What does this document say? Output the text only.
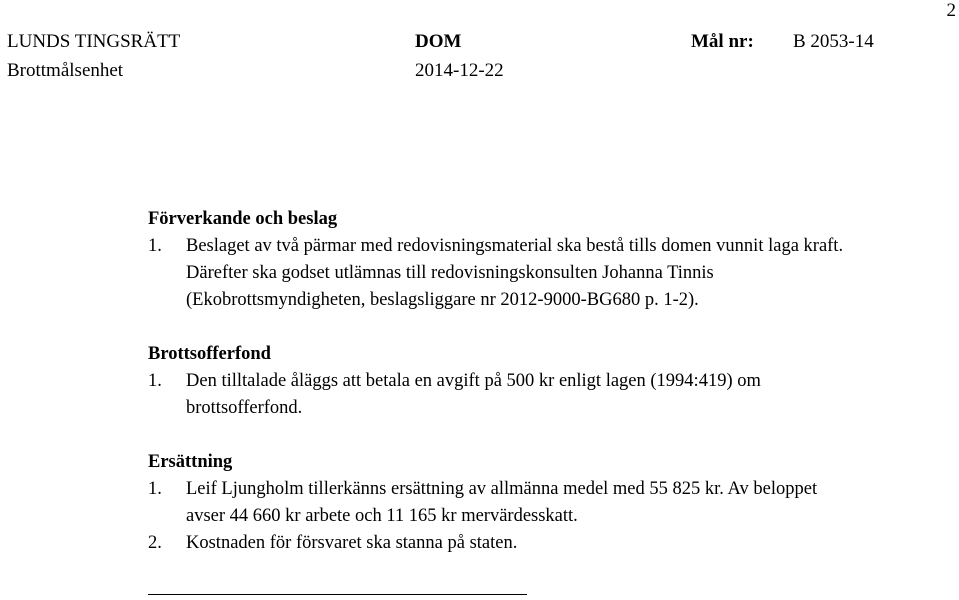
2
LUNDS TINGSRÄTT	DOM	Mål nr: B 2053-14
Brottmålsenhet	2014-12-22
Förverkande och beslag
1. Beslaget av två pärmar med redovisningsmaterial ska bestå tills domen vunnit laga kraft.
Därefter ska godset utlämnas till redovisningskonsulten Johanna Tinnis
(Ekobrottsmyndigheten, beslagsliggare nr 2012-9000-BG680 p. 1-2).
Brottsofferfond
1. Den tilltalade åläggs att betala en avgift på 500 kr enligt lagen (1994:419) om
brottsofferfond.
Ersättning
1. Leif Ljungholm tillerkänns ersättning av allmänna medel med 55 825 kr. Av beloppet
avser 44 660 kr arbete och 11 165 kr mervärdesskatt.
2. Kostnaden för försvaret ska stanna på staten.
